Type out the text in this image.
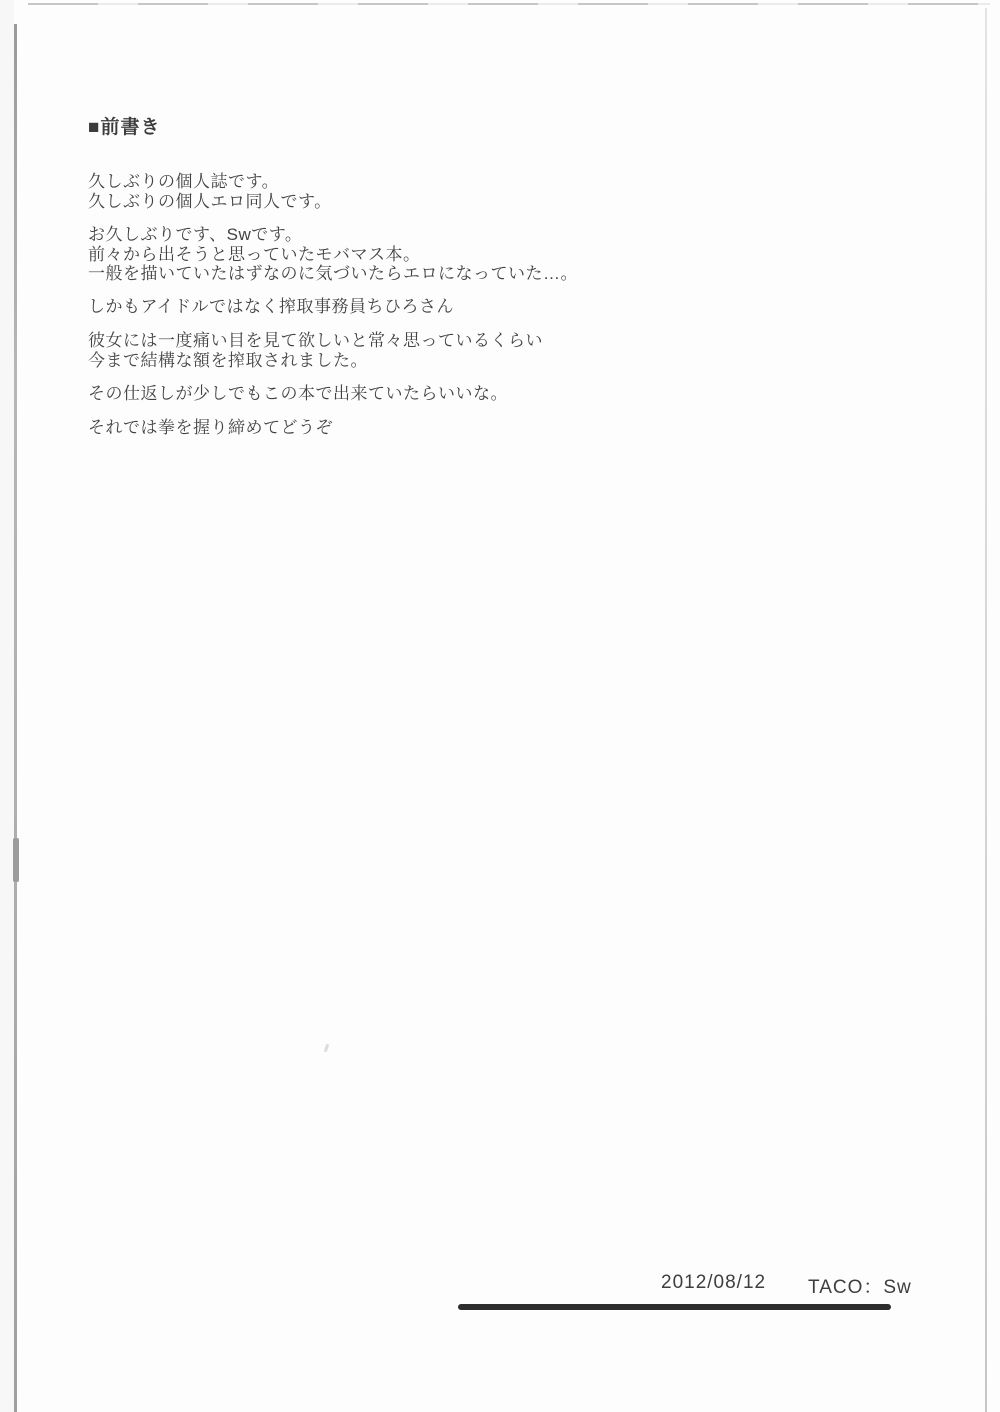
■前書き
久しぶりの個人誌です。
久しぶりの個人エロ同人です。
お久しぶりです、Swです。
前々から出そうと思っていたモバマス本。
一般を描いていたはずなのに気づいたらエロになっていた…。
しかもアイドルではなく搾取事務員ちひろさん
彼女には一度痛い目を見て欲しいと常々思っているくらい
今まで結構な額を搾取されました。
その仕返しが少しでもこの本で出来ていたらいいな。
それでは拳を握り締めてどうぞ
2012/08/12 TACO：Sw
